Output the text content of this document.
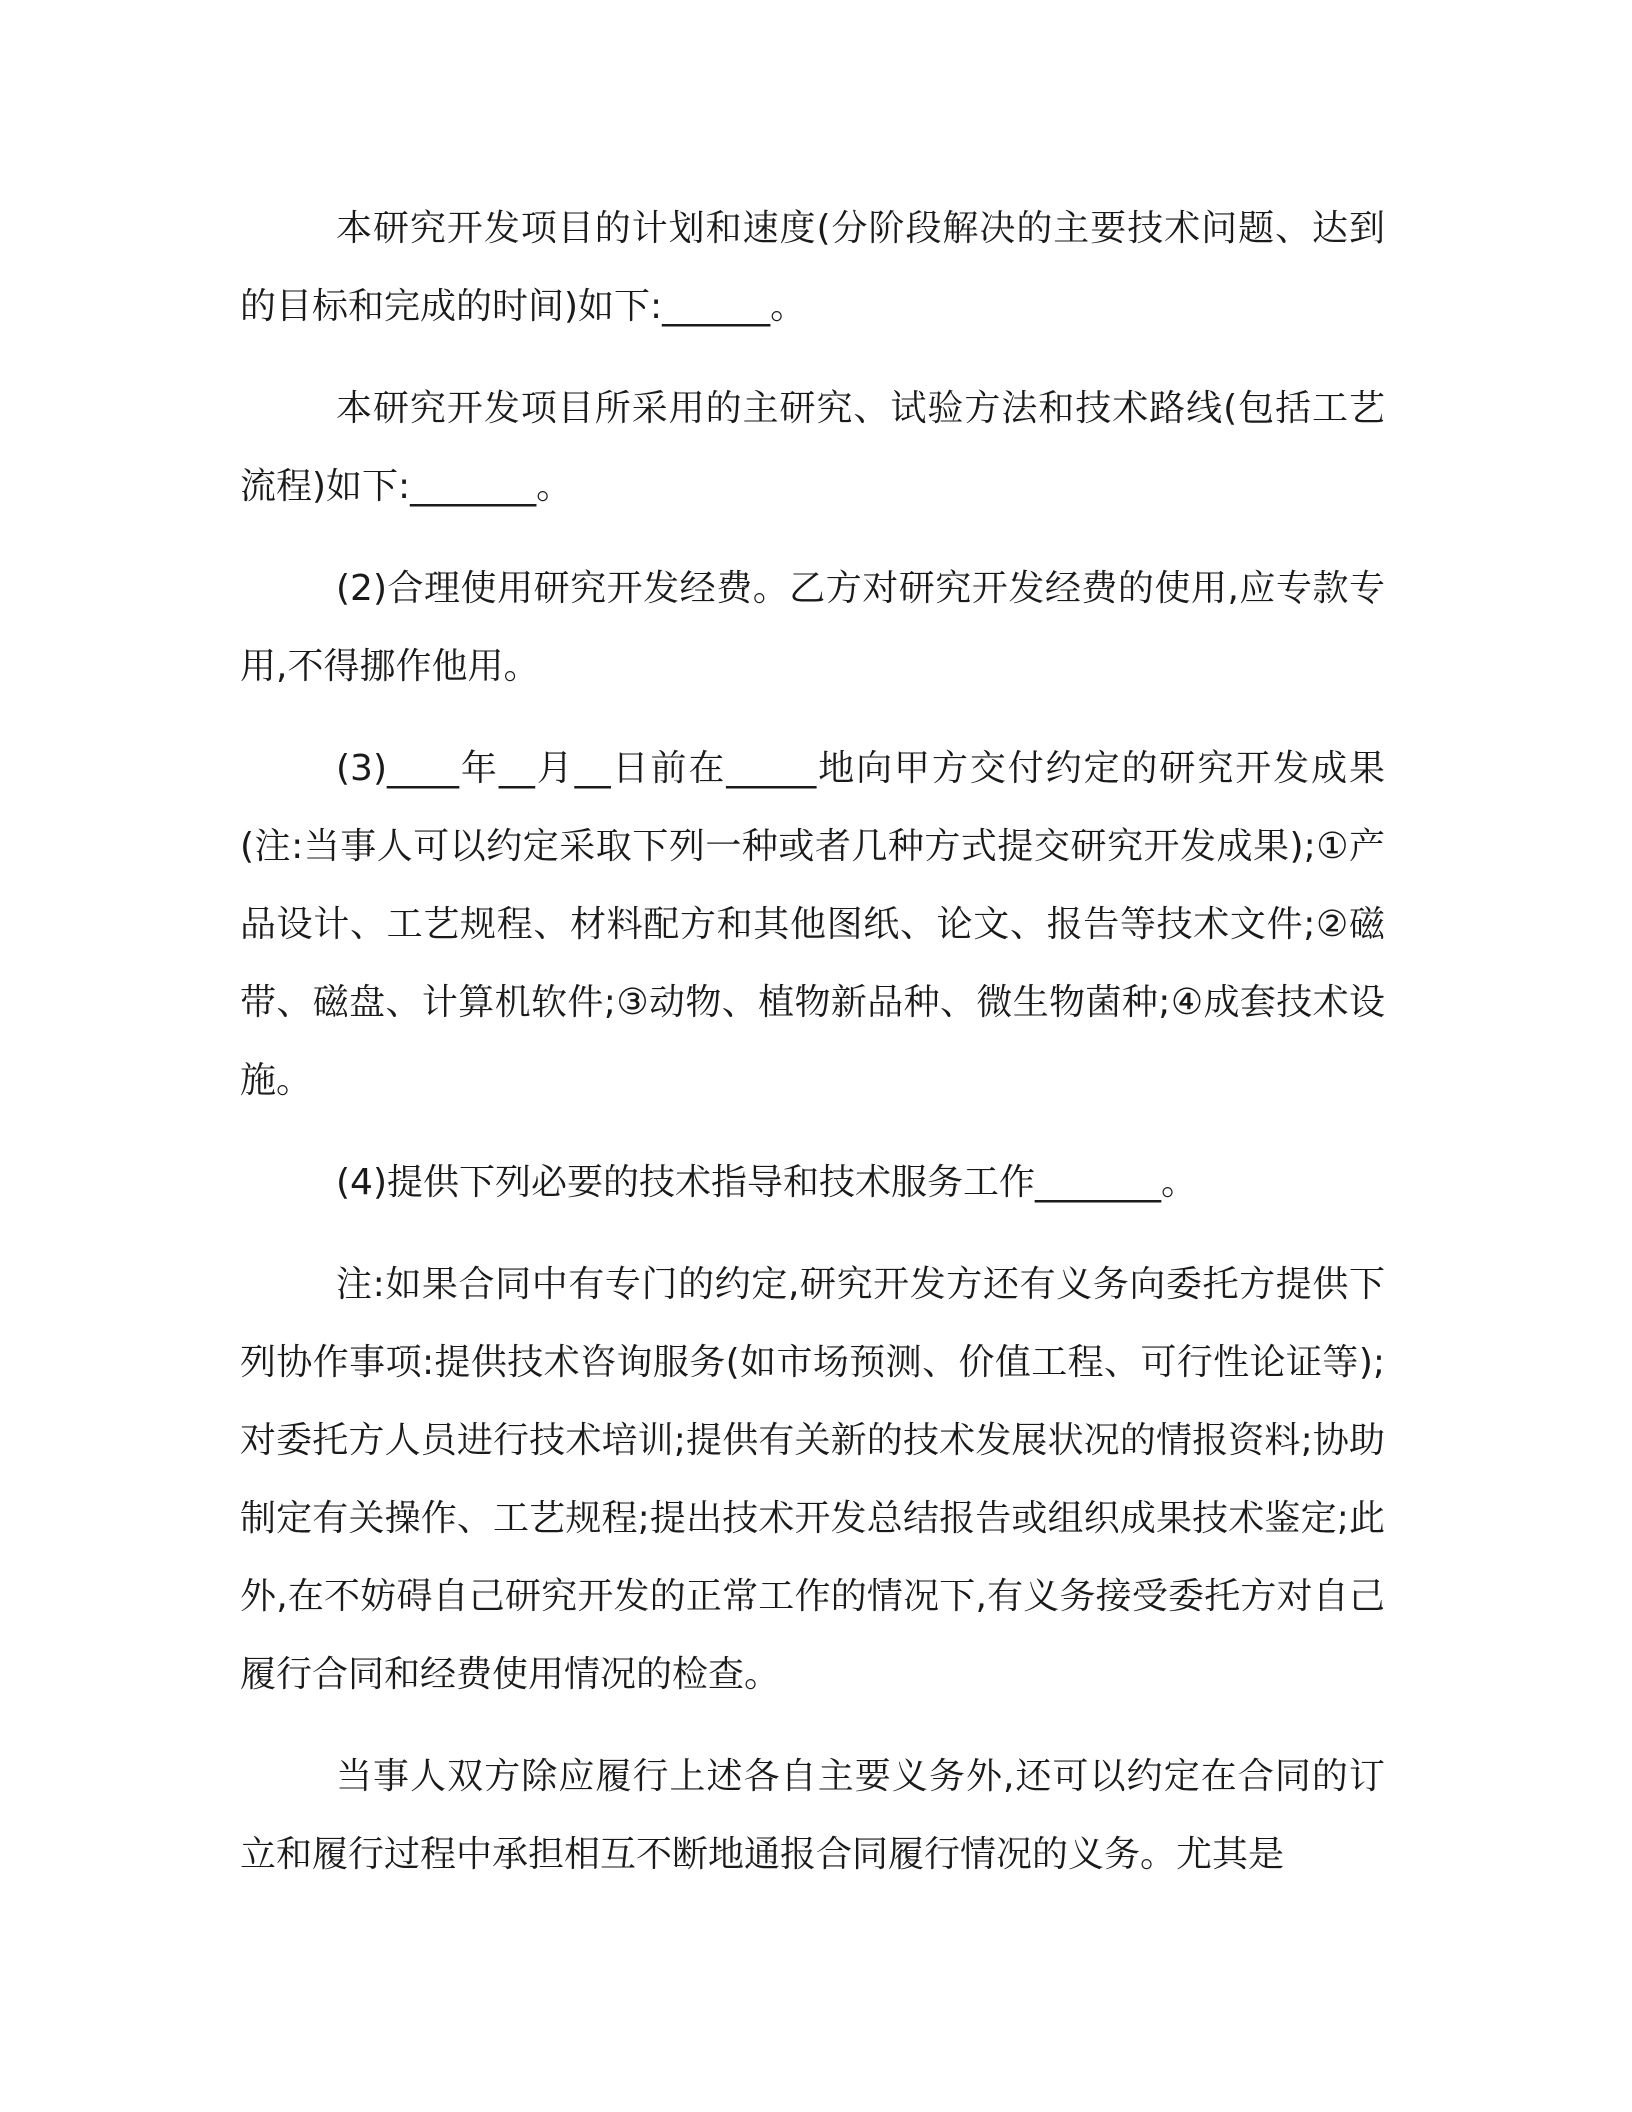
本研究开发项目的计划和速度(分阶段解决的主要技术问题、达到的目标和完成的时间)如下:______。

本研究开发项目所采用的主研究、试验方法和技术路线(包括工艺流程)如下:_______。

(2)合理使用研究开发经费。乙方对研究开发经费的使用,应专款专用,不得挪作他用。

(3)____年__月__日前在_____地向甲方交付约定的研究开发成果(注:当事人可以约定采取下列一种或者几种方式提交研究开发成果);①产品设计、工艺规程、材料配方和其他图纸、论文、报告等技术文件;②磁带、磁盘、计算机软件;③动物、植物新品种、微生物菌种;④成套技术设施。

(4)提供下列必要的技术指导和技术服务工作_______。

注:如果合同中有专门的约定,研究开发方还有义务向委托方提供下列协作事项:提供技术咨询服务(如市场预测、价值工程、可行性论证等);对委托方人员进行技术培训;提供有关新的技术发展状况的情报资料;协助制定有关操作、工艺规程;提出技术开发总结报告或组织成果技术鉴定;此外,在不妨碍自己研究开发的正常工作的情况下,有义务接受委托方对自己履行合同和经费使用情况的检查。

当事人双方除应履行上述各自主要义务外,还可以约定在合同的订立和履行过程中承担相互不断地通报合同履行情况的义务。尤其是
